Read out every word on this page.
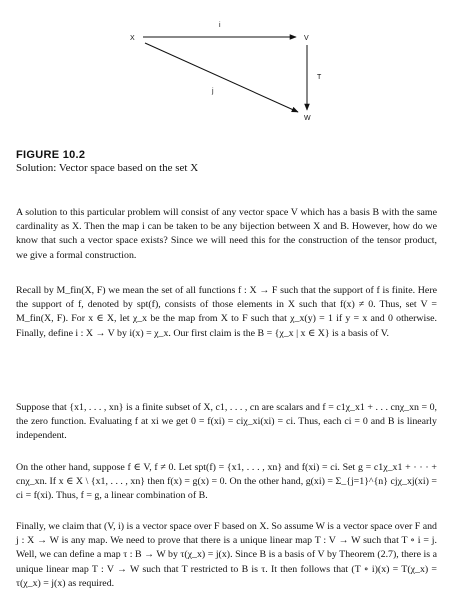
X	V
W
i
T
j
FIGURE 10.2
Solution: Vector space based on the set X

A solution to this particular problem will consist of any vector space V which has a basis B with the same cardinality as X. Then the map i can be taken to be any bijection between X and B. However, how do we know that such a vector space exists? Since we will need this for the construction of the tensor product, we give a formal construction.

Recall by M_fin(X, F) we mean the set of all functions f : X → F such that the support of f is finite. Here the support of f, denoted by spt(f), consists of those elements in X such that f(x) ≠ 0. Thus, set V = M_fin(X, F). For x ∈ X, let χ_x be the map from X to F such that χ_x(y) = 1 if y = x and 0 otherwise. Finally, define i : X → V by i(x) = χ_x. Our first claim is the B = {χ_x | x ∈ X} is a basis of V.

Suppose that {x1, . . . , xn} is a finite subset of X, c1, . . . , cn are scalars and f = c1χ_x1 + . . . cnχ_xn = 0, the zero function. Evaluating f at xi we get 0 = f(xi) = ciχ_xi(xi) = ci. Thus, each ci = 0 and B is linearly independent.

On the other hand, suppose f ∈ V, f ≠ 0. Let spt(f) = {x1, . . . , xn} and f(xi) = ci. Set g = c1χ_x1 + · · · + cnχ_xn. If x ∈ X \ {x1, . . . , xn} then f(x) = g(x) = 0. On the other hand, g(xi) = Σ_{j=1}^{n} cjχ_xj(xi) = ci = f(xi). Thus, f = g, a linear combination of B.

Finally, we claim that (V, i) is a vector space over F based on X. So assume W is a vector space over F and j : X → W is any map. We need to prove that there is a unique linear map T : V → W such that T ∘ i = j. Well, we can define a map τ : B → W by τ(χ_x) = j(x). Since B is a basis of V by Theorem (2.7), there is a unique linear map T : V → W such that T restricted to B is τ. It then follows that (T ∘ i)(x) = T(χ_x) = τ(χ_x) = j(x) as required.
